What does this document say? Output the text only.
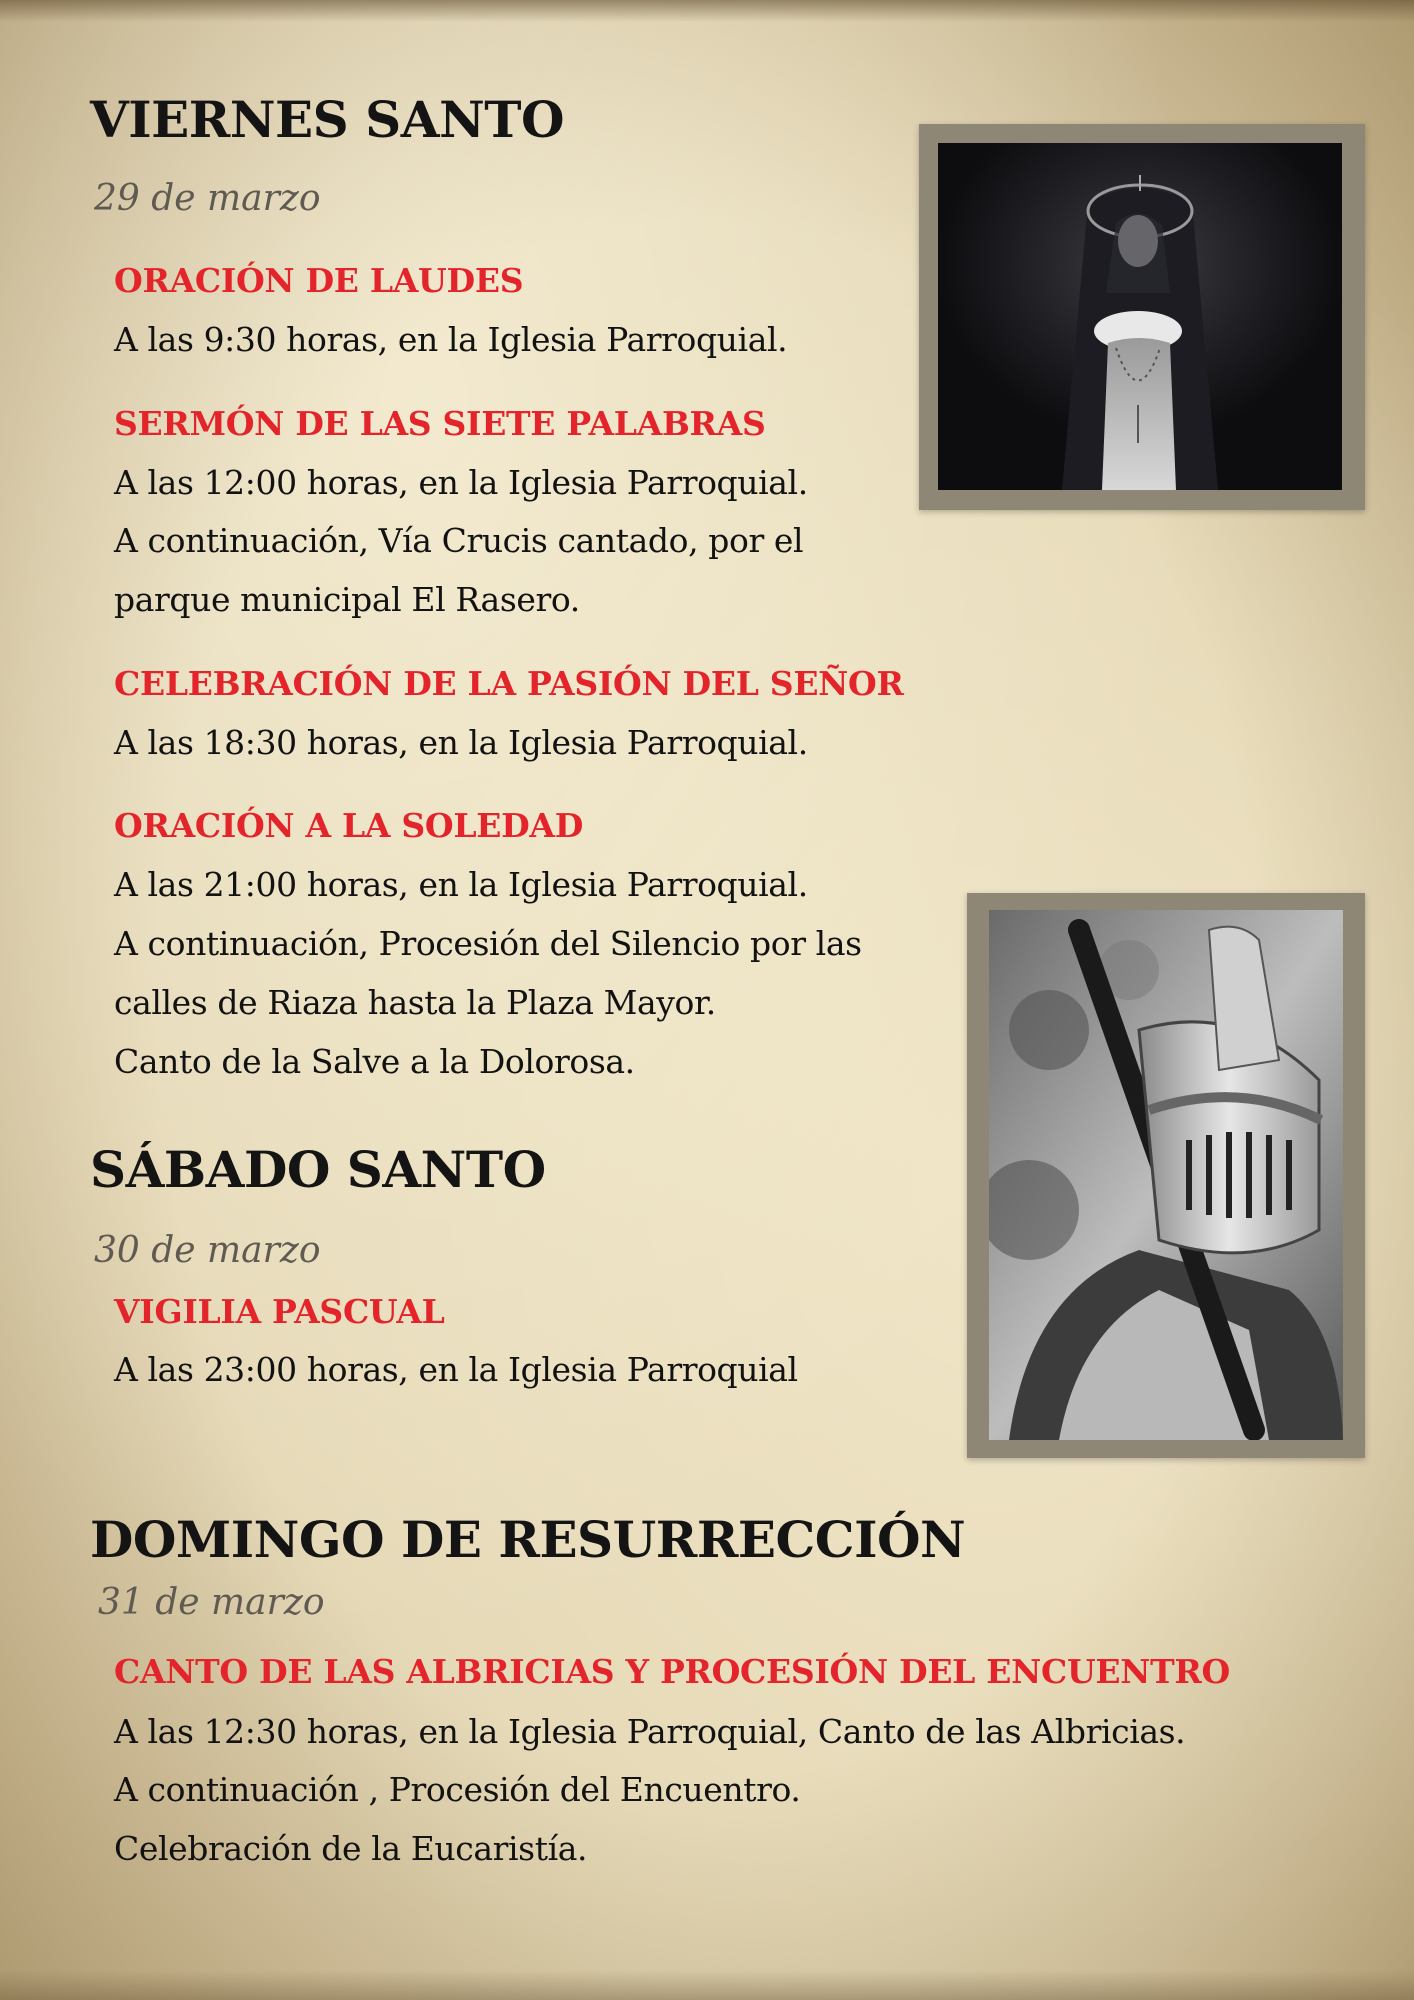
VIERNES SANTO
29 de marzo
ORACIÓN DE LAUDES
A las 9:30 horas, en la Iglesia Parroquial.
SERMÓN DE LAS SIETE PALABRAS
A las 12:00 horas, en la Iglesia Parroquial.
A continuación, Vía Crucis cantado, por el
parque municipal El Rasero.
CELEBRACIÓN DE LA PASIÓN DEL SEÑOR
A las 18:30 horas, en la Iglesia Parroquial.
ORACIÓN A LA SOLEDAD
A las 21:00 horas, en la Iglesia Parroquial.
A continuación, Procesión del Silencio por las
calles de Riaza hasta la Plaza Mayor.
Canto de la Salve a la Dolorosa.
SÁBADO SANTO
30 de marzo
VIGILIA PASCUAL
A las 23:00 horas, en la Iglesia Parroquial
DOMINGO DE RESURRECCIÓN
31 de marzo
CANTO DE LAS ALBRICIAS Y PROCESIÓN DEL ENCUENTRO
A las 12:30 horas, en la Iglesia Parroquial, Canto de las Albricias.
A continuación , Procesión del Encuentro.
Celebración de la Eucaristía.
